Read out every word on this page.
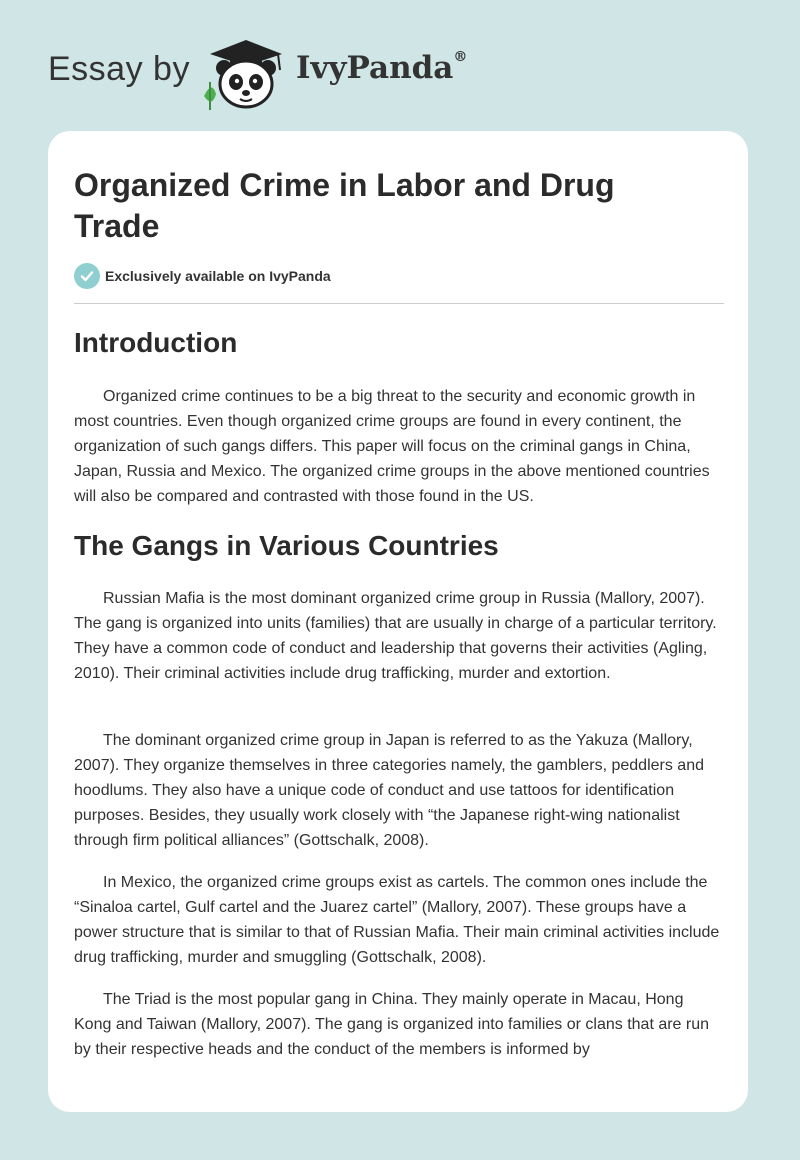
Essay by	IvyPanda®
Organized Crime in Labor and Drug Trade
Exclusively available on IvyPanda
Introduction

Organized crime continues to be a big threat to the security and economic growth in most countries. Even though organized crime groups are found in every continent, the organization of such gangs differs. This paper will focus on the criminal gangs in China, Japan, Russia and Mexico. The organized crime groups in the above mentioned countries will also be compared and contrasted with those found in the US.

The Gangs in Various Countries

Russian Mafia is the most dominant organized crime group in Russia (Mallory, 2007). The gang is organized into units (families) that are usually in charge of a particular territory. They have a common code of conduct and leadership that governs their activities (Agling, 2010). Their criminal activities include drug trafficking, murder and extortion.

The dominant organized crime group in Japan is referred to as the Yakuza (Mallory, 2007). They organize themselves in three categories namely, the gamblers, peddlers and hoodlums. They also have a unique code of conduct and use tattoos for identification purposes. Besides, they usually work closely with “the Japanese right-wing nationalist through firm political alliances” (Gottschalk, 2008).

In Mexico, the organized crime groups exist as cartels. The common ones include the “Sinaloa cartel, Gulf cartel and the Juarez cartel” (Mallory, 2007). These groups have a power structure that is similar to that of Russian Mafia. Their main criminal activities include drug trafficking, murder and smuggling (Gottschalk, 2008).

The Triad is the most popular gang in China. They mainly operate in Macau, Hong Kong and Taiwan (Mallory, 2007). The gang is organized into families or clans that are run by their respective heads and the conduct of the members is informed by
